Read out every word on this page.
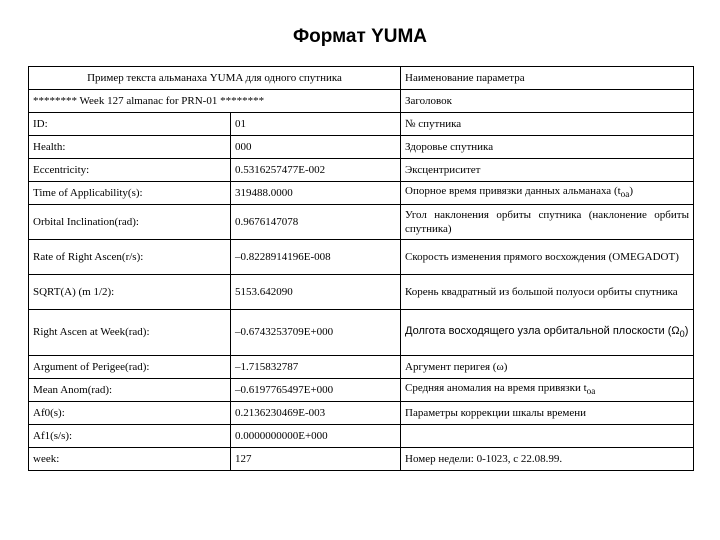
Формат YUMA
Пример текста альманаха YUMA для одного спутника		Наименование параметра
******** Week 127 almanac for PRN-01 ********		Заголовок
ID:	01	№ спутника
Health:	000	Здоровье спутника
Eccentricity:	0.5316257477E-002	Эксцентриситет
Time of Applicability(s):	319488.0000	Опорное время привязки данных альманаха $(t_{оа})$
Orbital Inclination(rad):	0.9676147078	Угол наклонения орбиты спутника (наклонение орбиты спутника)
Rate of Right Ascen(r/s):	–0.8228914196E-008	Скорость изменения прямого восхождения (OMEGADOT)
SQRT(A) (m 1/2):	5153.642090	Корень квадратный из большой полуоси орбиты спутника
Right Ascen at Week(rad):	–0.6743253709E+000	Долгота восходящего узла орбитальной плоскости $(\Omega_0)$
Argument of Perigee(rad):	–1.715832787	Аргумент перигея (ω)
Mean Anom(rad):	–0.6197765497E+000	Средняя аномалия на время привязки $t_{оа}$
Af0(s):	0.2136230469E-003	Параметры коррекции шкалы времени
Af1(s/s):	0.0000000000E+000	
week:	127	Номер недели: 0-1023, с 22.08.99.
